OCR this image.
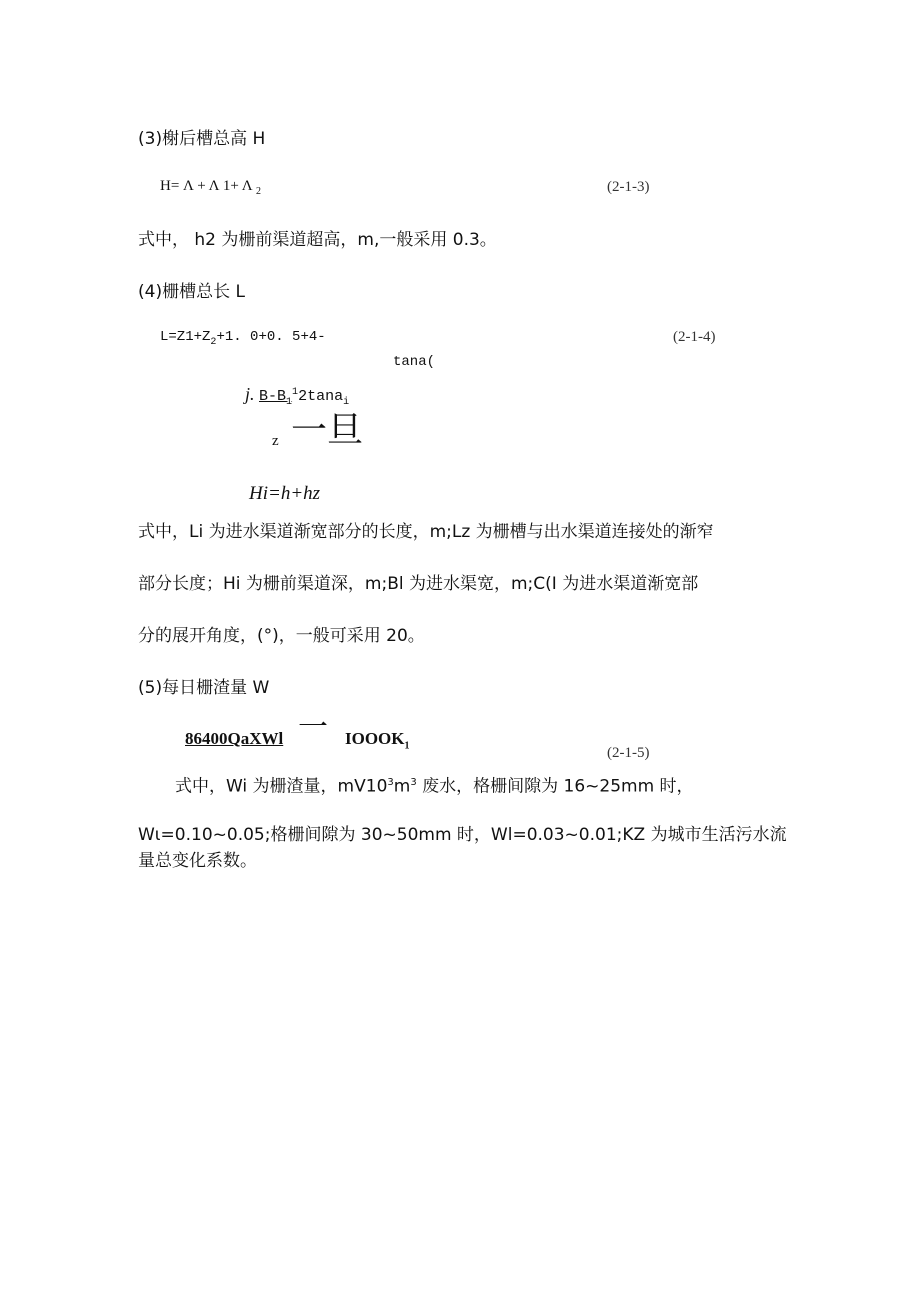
(3)榭后槽总高 H
H= Λ + Λ 1+ Λ $_2$	(2-1-3)
式中， h2 为栅前渠道超高，m,一般采用 0.3。
(4)栅槽总长 L
$L=Z1+Z_2+1$. 0+0. 5+4-	(2-1-4)
tana(
j. $B-B_1^12\tan a_i$
z 一旦
Hi=h+hz
式中，Li 为进水渠道渐宽部分的长度，m;Lz 为栅槽与出水渠道连接处的渐窄
部分长度；Hi 为栅前渠道深，m;Bl 为进水渠宽，m;C(I 为进水渠道渐宽部
分的展开角度，(°)，一般可采用 20。
(5)每日栅渣量 W
86400QaXWl 一 $IOOOK_1$	(2-1-5)
式中，Wi 为栅渣量，$mV10^3m^3$ 废水，格栅间隙为 16~25mm 时，
Wι=0.10~0.05;格栅间隙为 30~50mm 时，Wl=0.03~0.01;KZ 为城市生活污水流
量总变化系数。
